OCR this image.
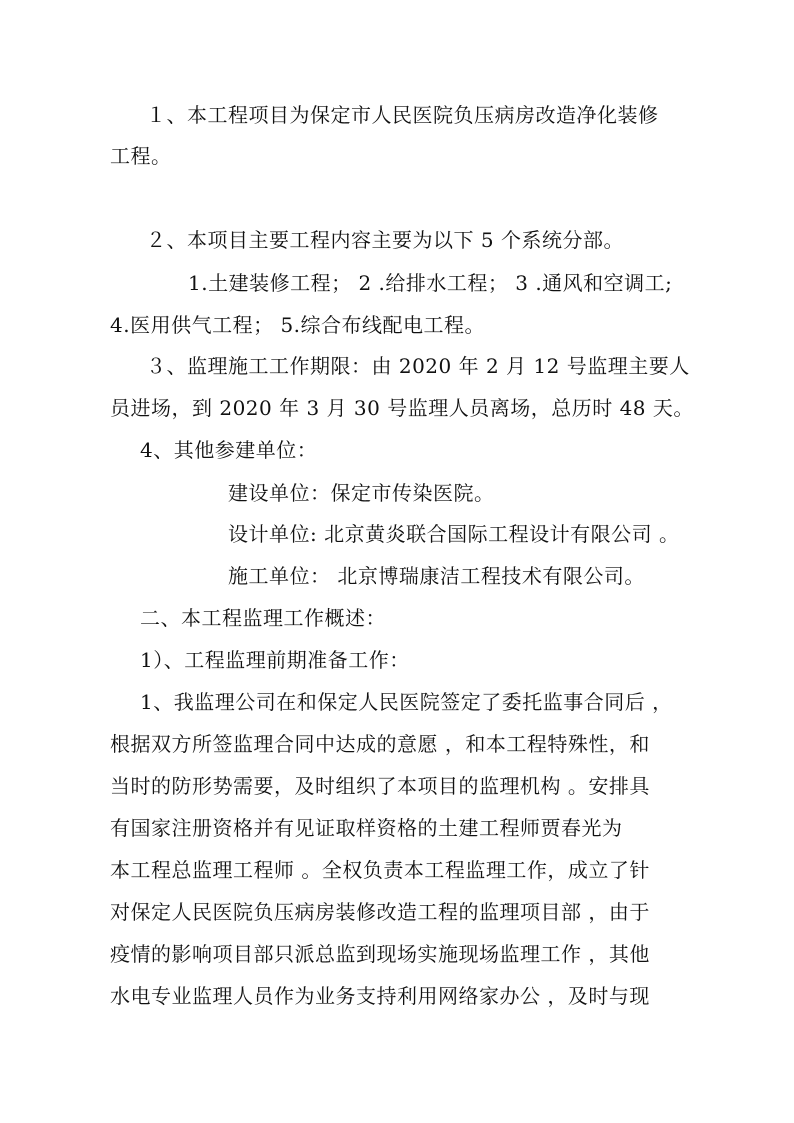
１、本工程项目为保定市人民医院负压病房改造净化装修
工程。
２、本项目主要工程内容主要为以下 5 个系统分部。
1.土建装修工程； 2 .给排水工程； 3 .通风和空调工;
4.医用供气工程； 5.综合布线配电工程。
３、监理施工工作期限：由 2020 年 2 月 12 号监理主要人
员进场，到 2020 年 3 月 30 号监理人员离场，总历时 48 天。
4、其他参建单位：
建设单位：保定市传染医院。
设计单位: 北京黄炎联合国际工程设计有限公司 。
施工单位： 北京博瑞康洁工程技术有限公司。
二、本工程监理工作概述：
1）、工程监理前期准备工作：
1、我监理公司在和保定人民医院签定了委托监事合同后 ，
根据双方所签监理合同中达成的意愿 ，和本工程特殊性，和
当时的防形势需要，及时组织了本项目的监理机构 。安排具
有国家注册资格并有见证取样资格的土建工程师贾春光为
本工程总监理工程师 。全权负责本工程监理工作，成立了针
对保定人民医院负压病房装修改造工程的监理项目部 ，由于
疫情的影响项目部只派总监到现场实施现场监理工作 ，其他
水电专业监理人员作为业务支持利用网络家办公 ，及时与现
